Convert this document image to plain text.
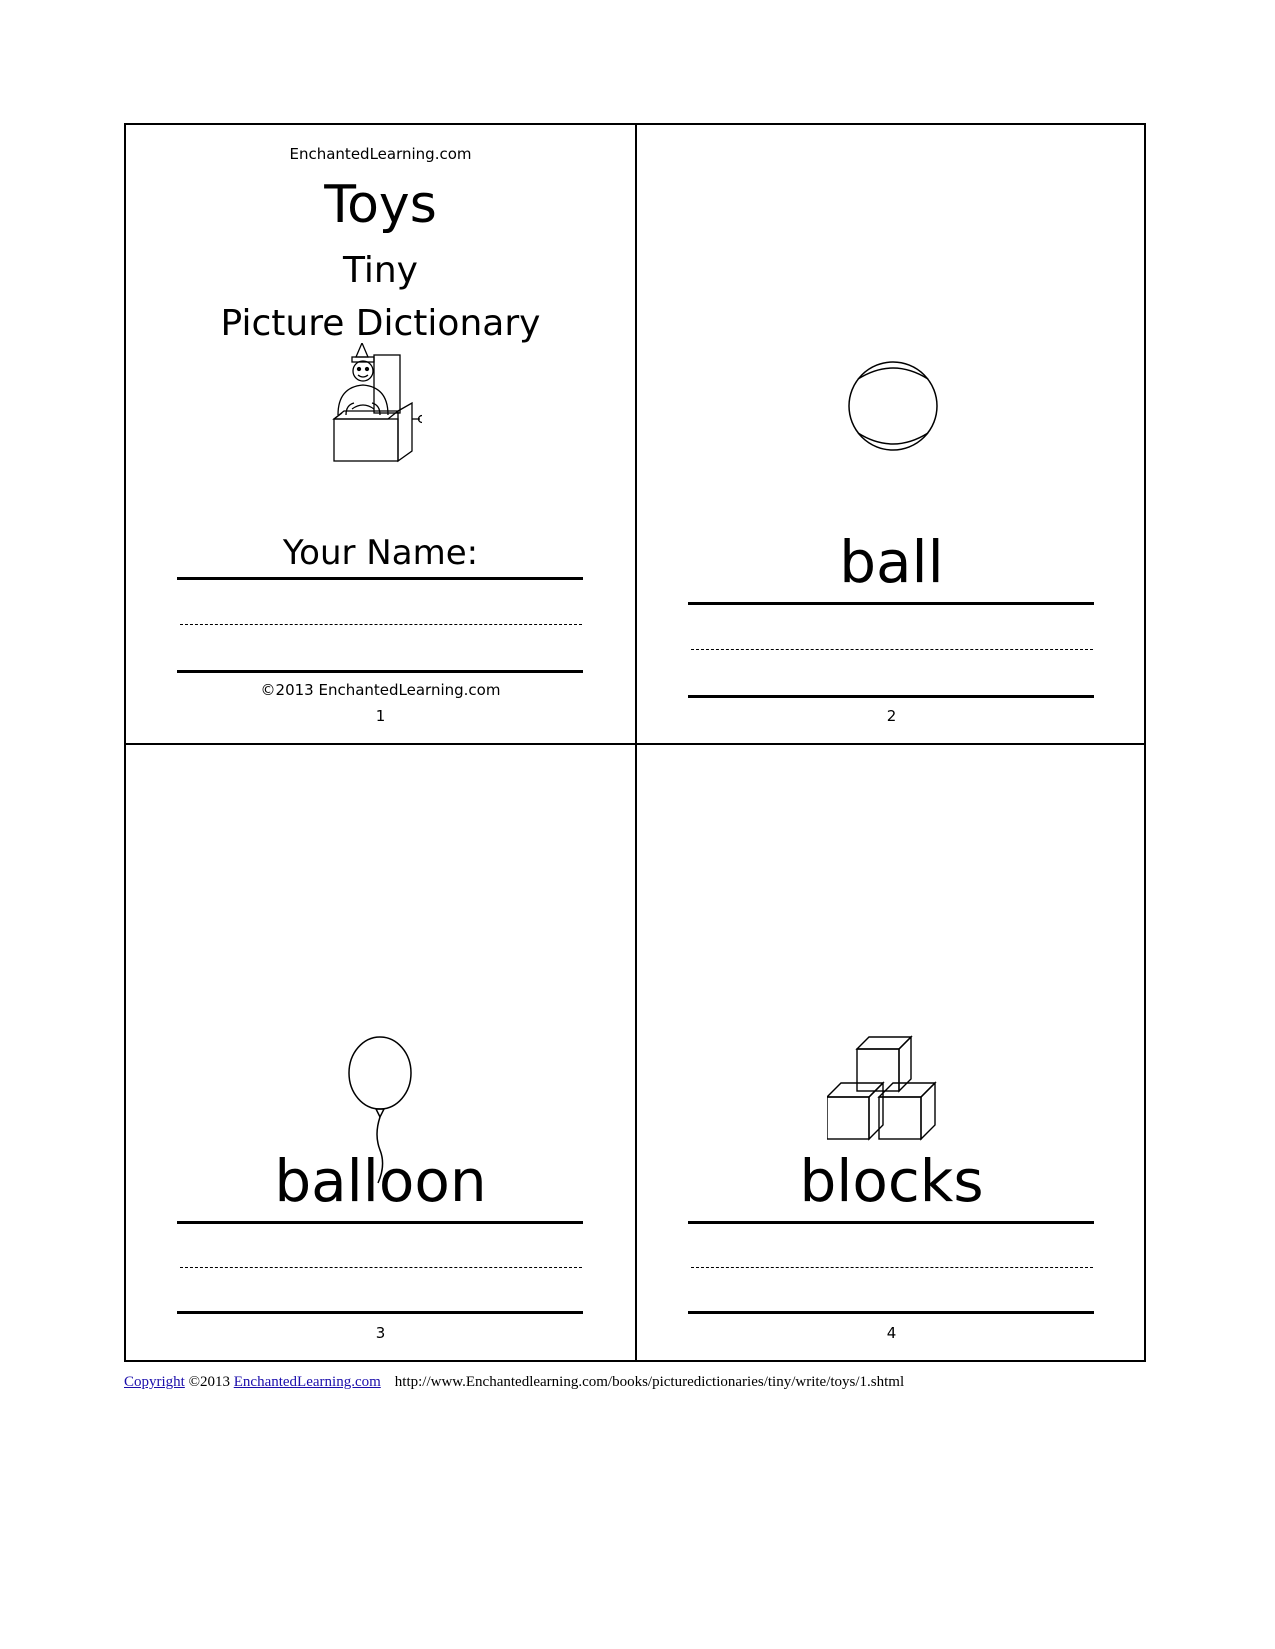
EnchantedLearning.com
Toys
Tiny
Picture Dictionary
Your Name:
©2013 EnchantedLearning.com
1
ball
2
balloon
3
blocks
4
Copyright ©2013 EnchantedLearning.com http://www.Enchantedlearning.com/books/picturedictionaries/tiny/write/toys/1.shtml
